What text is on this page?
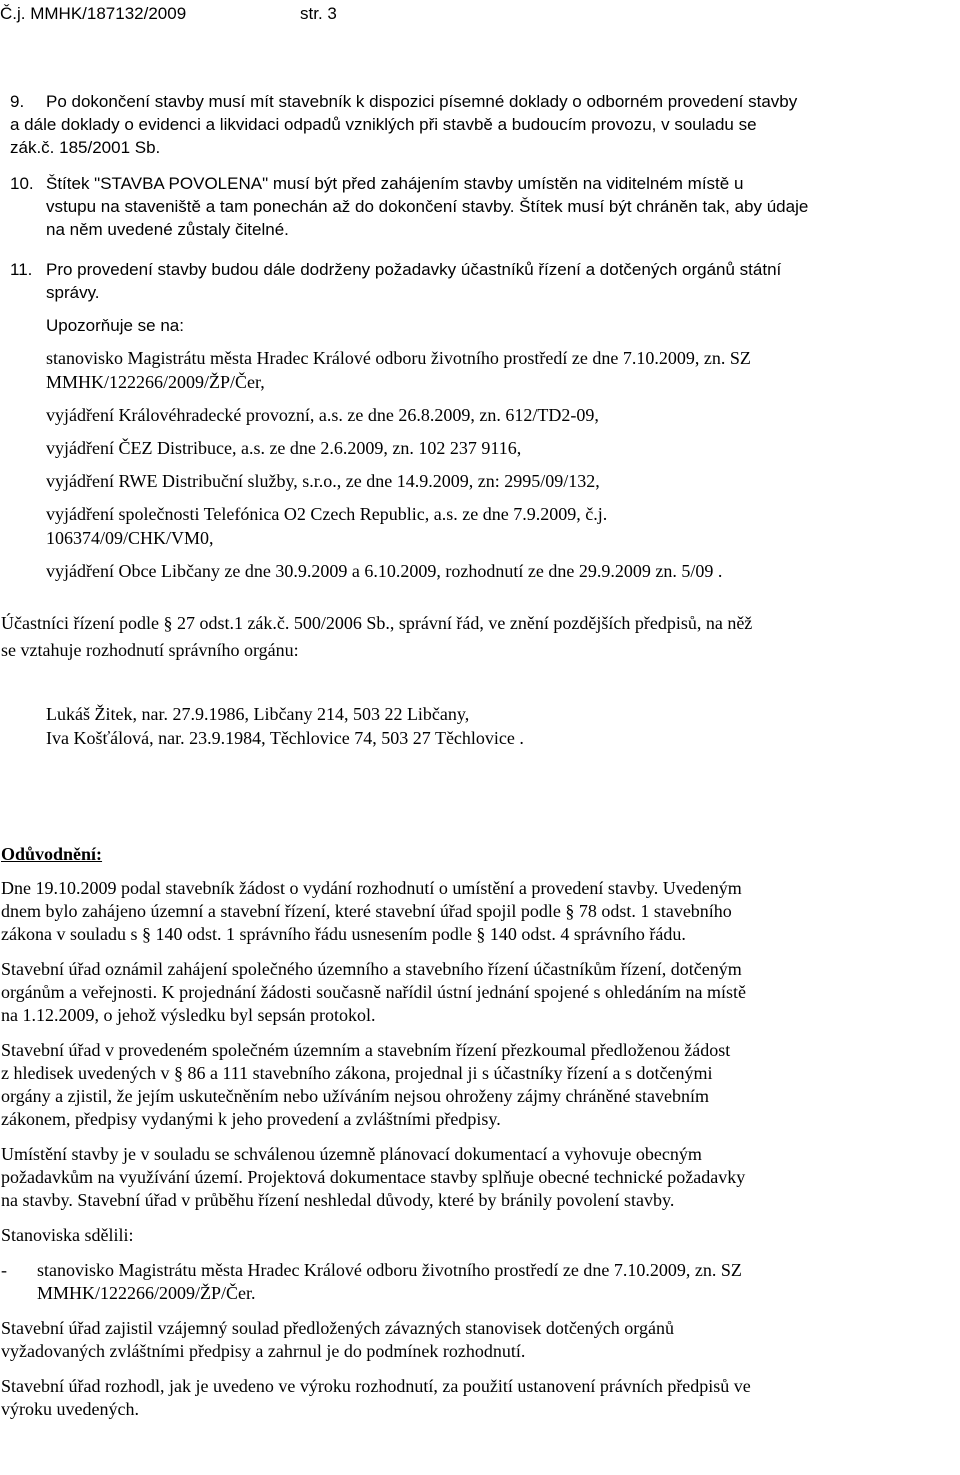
Č.j. MMHK/187132/2009	str. 3
9. Po dokončení stavby musí mít stavebník k dispozici písemné doklady o odborném provedení stavby
a dále doklady o evidenci a likvidaci odpadů vzniklých při stavbě a budoucím provozu, v souladu se
zák.č. 185/2001 Sb.
10. Štítek "STAVBA POVOLENA" musí být před zahájením stavby umístěn na viditelném místě u
vstupu na staveniště a tam ponechán až do dokončení stavby. Štítek musí být chráněn tak, aby údaje
na něm uvedené zůstaly čitelné.
11. Pro provedení stavby budou dále dodrženy požadavky účastníků řízení a dotčených orgánů státní
správy.
Upozorňuje se na:
stanovisko Magistrátu města Hradec Králové odboru životního prostředí ze dne 7.10.2009, zn. SZ
MMHK/122266/2009/ŽP/Čer,
vyjádření Královéhradecké provozní, a.s. ze dne 26.8.2009, zn. 612/TD2-09,
vyjádření ČEZ Distribuce, a.s. ze dne 2.6.2009, zn. 102 237 9116,
vyjádření RWE Distribuční služby, s.r.o., ze dne 14.9.2009, zn: 2995/09/132,
vyjádření společnosti Telefónica O2 Czech Republic, a.s. ze dne 7.9.2009, č.j.
106374/09/CHK/VM0,
vyjádření Obce Libčany ze dne 30.9.2009 a 6.10.2009, rozhodnutí ze dne 29.9.2009 zn. 5/09 .
Účastníci řízení podle § 27 odst.1 zák.č. 500/2006 Sb., správní řád, ve znění pozdějších předpisů, na něž
se vztahuje rozhodnutí správního orgánu:
Lukáš Žitek, nar. 27.9.1986, Libčany 214, 503 22 Libčany,
Iva Košťálová, nar. 23.9.1984, Těchlovice 74, 503 27 Těchlovice .
Odůvodnění:
Dne 19.10.2009 podal stavebník žádost o vydání rozhodnutí o umístění a provedení stavby. Uvedeným
dnem bylo zahájeno územní a stavební řízení, které stavební úřad spojil podle § 78 odst. 1 stavebního
zákona v souladu s § 140 odst. 1 správního řádu usnesením podle § 140 odst. 4 správního řádu.
Stavební úřad oznámil zahájení společného územního a stavebního řízení účastníkům řízení, dotčeným
orgánům a veřejnosti. K projednání žádosti současně nařídil ústní jednání spojené s ohledáním na místě
na 1.12.2009, o jehož výsledku byl sepsán protokol.
Stavební úřad v provedeném společném územním a stavebním řízení přezkoumal předloženou žádost
z hledisek uvedených v § 86 a 111 stavebního zákona, projednal ji s účastníky řízení a s dotčenými
orgány a zjistil, že jejím uskutečněním nebo užíváním nejsou ohroženy zájmy chráněné stavebním
zákonem, předpisy vydanými k jeho provedení a zvláštními předpisy.
Umístění stavby je v souladu se schválenou územně plánovací dokumentací a vyhovuje obecným
požadavkům na využívání území. Projektová dokumentace stavby splňuje obecné technické požadavky
na stavby. Stavební úřad v průběhu řízení neshledal důvody, které by bránily povolení stavby.
Stanoviska sdělili:
- stanovisko Magistrátu města Hradec Králové odboru životního prostředí ze dne 7.10.2009, zn. SZ
MMHK/122266/2009/ŽP/Čer.
Stavební úřad zajistil vzájemný soulad předložených závazných stanovisek dotčených orgánů
vyžadovaných zvláštními předpisy a zahrnul je do podmínek rozhodnutí.
Stavební úřad rozhodl, jak je uvedeno ve výroku rozhodnutí, za použití ustanovení právních předpisů ve
výroku uvedených.
